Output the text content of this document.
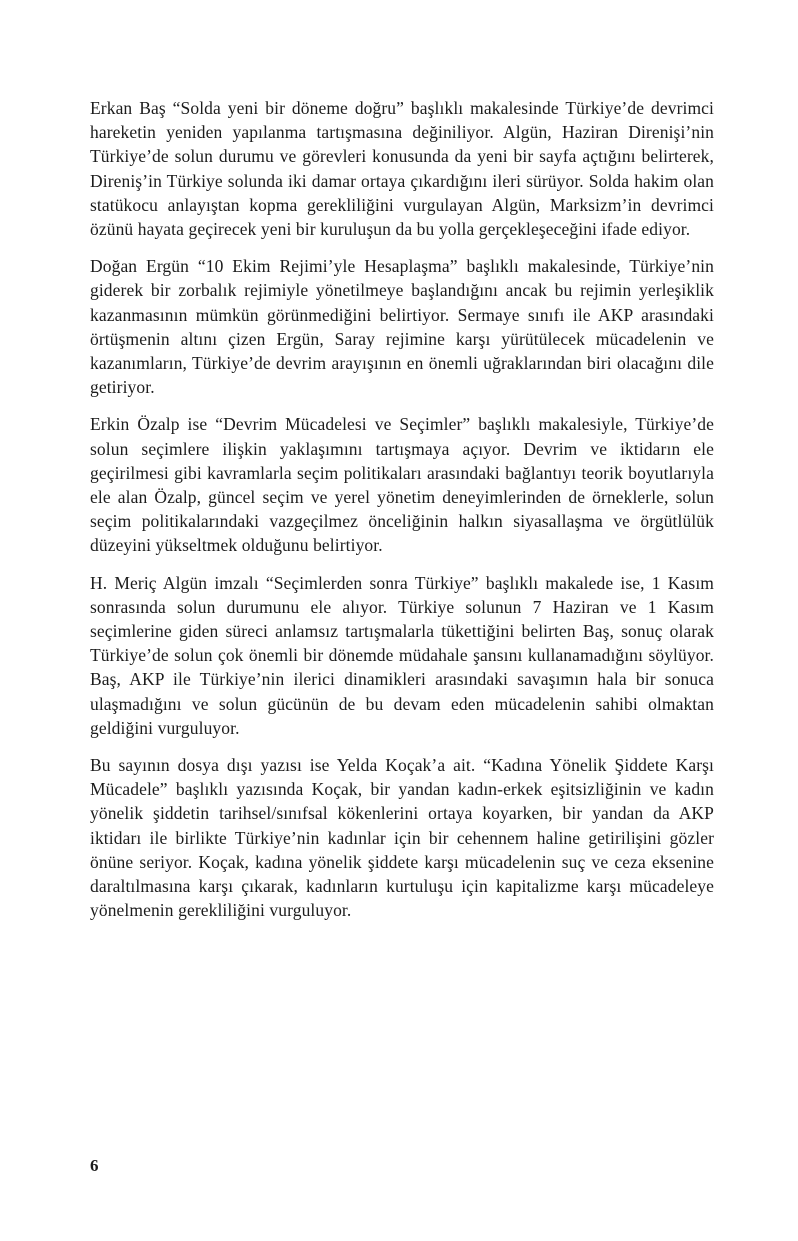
Erkan Baş “Solda yeni bir döneme doğru” başlıklı makalesinde Türkiye’de devrimci hareketin yeniden yapılanma tartışmasına değiniliyor. Algün, Haziran Direnişi’nin Türkiye’de solun durumu ve görevleri konusunda da yeni bir sayfa açtığını belirterek, Direniş’in Türkiye solunda iki damar ortaya çıkardığını ileri sürüyor. Solda hakim olan statükocu anlayıştan kopma gerekliliğini vurgulayan Algün, Marksizm’in devrimci özünü hayata geçirecek yeni bir kuruluşun da bu yolla gerçekleşeceğini ifade ediyor.

Doğan Ergün “10 Ekim Rejimi’yle Hesaplaşma” başlıklı makalesinde, Türkiye’nin giderek bir zorbalık rejimiyle yönetilmeye başlandığını ancak bu rejimin yerleşiklik kazanmasının mümkün görünmediğini belirtiyor. Sermaye sınıfı ile AKP arasındaki örtüşmenin altını çizen Ergün, Saray rejimine karşı yürütülecek mücadelenin ve kazanımların, Türkiye’de devrim arayışının en önemli uğraklarından biri olacağını dile getiriyor.

Erkin Özalp ise “Devrim Mücadelesi ve Seçimler” başlıklı makalesiyle, Türkiye’de solun seçimlere ilişkin yaklaşımını tartışmaya açıyor. Devrim ve iktidarın ele geçirilmesi gibi kavramlarla seçim politikaları arasındaki bağlantıyı teorik boyutlarıyla ele alan Özalp, güncel seçim ve yerel yönetim deneyimlerinden de örneklerle, solun seçim politikalarındaki vazgeçilmez önceliğinin halkın siyasallaşma ve örgütlülük düzeyini yükseltmek olduğunu belirtiyor.

H. Meriç Algün imzalı “Seçimlerden sonra Türkiye” başlıklı makalede ise, 1 Kasım sonrasında solun durumunu ele alıyor. Türkiye solunun 7 Haziran ve 1 Kasım seçimlerine giden süreci anlamsız tartışmalarla tükettiğini belirten Baş, sonuç olarak Türkiye’de solun çok önemli bir dönemde müdahale şansını kullanamadığını söylüyor. Baş, AKP ile Türkiye’nin ilerici dinamikleri arasındaki savaşımın hala bir sonuca ulaşmadığını ve solun gücünün de bu devam eden mücadelenin sahibi olmaktan geldiğini vurguluyor.

Bu sayının dosya dışı yazısı ise Yelda Koçak’a ait. “Kadına Yönelik Şiddete Karşı Mücadele” başlıklı yazısında Koçak, bir yandan kadın-erkek eşitsizliğinin ve kadın yönelik şiddetin tarihsel/sınıfsal kökenlerini ortaya koyarken, bir yandan da AKP iktidarı ile birlikte Türkiye’nin kadınlar için bir cehennem haline getirilişini gözler önüne seriyor. Koçak, kadına yönelik şiddete karşı mücadelenin suç ve ceza eksenine daraltılmasına karşı çıkarak, kadınların kurtuluşu için kapitalizme karşı mücadeleye yönelmenin gerekliliğini vurguluyor.

6
